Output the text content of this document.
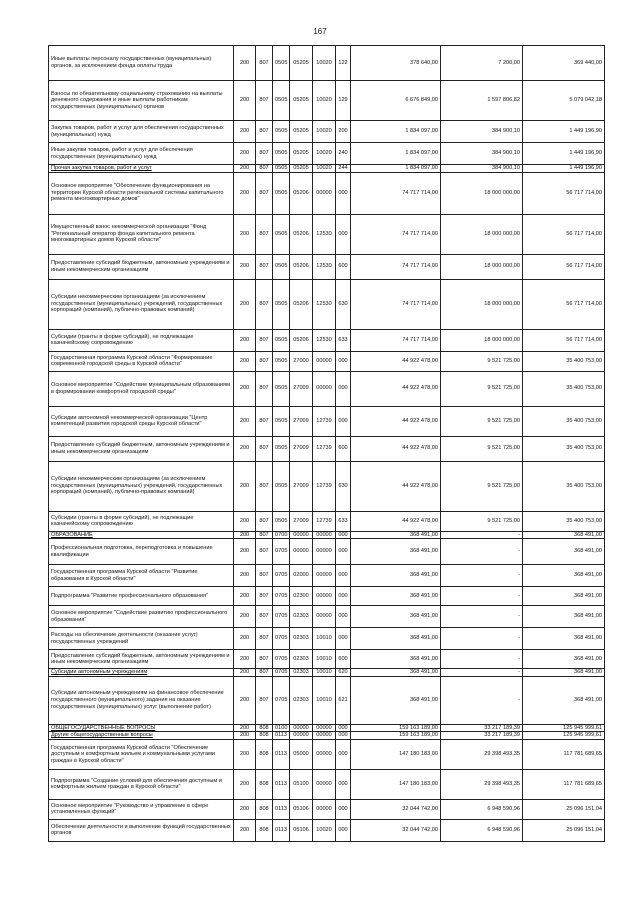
167
Иные выплаты персоналу государственных (муниципальных) органов, за исключением фонда оплаты труда	200	807	0505	05205	10020	122	378 640,00	7 200,00	369 440,00
Взносы по обязательному социальному страхованию на выплаты денежного содержания и иные выплаты работникам государственных (муниципальных) органов	200	807	0505	05205	10020	129	6 676 849,00	1 597 806,82	5 079 042,18
Закупка товаров, работ и услуг для обеспечения государственных (муниципальных) нужд	200	807	0505	05205	10020	200	1 834 097,00	384 900,10	1 449 196,90
Иные закупки товаров, работ и услуг для обеспечения государственных (муниципальных) нужд	200	807	0505	05205	10020	240	1 834 097,00	384 900,10	1 449 196,90
Прочая закупка товаров, работ и услуг	200	807	0505	05205	10020	244	1 834 097,00	384 900,10	1 449 196,90
Основное мероприятие "Обеспечение функционирования на территории Курской области региональной системы капитального ремонта многоквартирных домов"	200	807	0505	05206	00000	000	74 717 714,00	18 000 000,00	56 717 714,00
Имущественный взнос некоммерческой организации "Фонд "Региональный оператор фонда капитального ремонта многоквартирных домов Курской области"	200	807	0505	05206	12530	000	74 717 714,00	18 000 000,00	56 717 714,00
Предоставление субсидий бюджетным, автономным учреждениям и иным некоммерческим организациям	200	807	0505	05206	12530	600	74 717 714,00	18 000 000,00	56 717 714,00
Субсидии некоммерческим организациям (за исключением государственных (муниципальных) учреждений, государственных корпораций (компаний), публично-правовых компаний)	200	807	0505	05206	12530	630	74 717 714,00	18 000 000,00	56 717 714,00
Субсидии (гранты в форме субсидий), не подлежащие казначейскому сопровождению	200	807	0505	05206	12530	633	74 717 714,00	18 000 000,00	56 717 714,00
Государственная программа Курской области "Формирование современной городской среды в Курской области"	200	807	0505	27000	00000	000	44 922 478,00	9 521 725,00	35 400 753,00
Основное мероприятие "Содействие муниципальным образованиям в формировании комфортной городской среды"	200	807	0505	27009	00000	000	44 922 478,00	9 521 725,00	35 400 753,00
Субсидии автономной некоммерческой организации "Центр компетенций развития городской среды Курской области"	200	807	0505	27009	12739	000	44 922 478,00	9 521 725,00	35 400 753,00
Предоставление субсидий бюджетным, автономным учреждениям и иным некоммерческим организациям	200	807	0505	27009	12739	600	44 922 478,00	9 521 725,00	35 400 753,00
Субсидии некоммерческим организациям (за исключением государственных (муниципальных) учреждений, государственных корпораций (компаний), публично-правовых компаний)	200	807	0505	27009	12739	630	44 922 478,00	9 521 725,00	35 400 753,00
Субсидии (гранты в форме субсидий), не подлежащие казначейскому сопровождению	200	807	0505	27009	12739	633	44 922 478,00	9 521 725,00	35 400 753,00
ОБРАЗОВАНИЕ	200	807	0700	00000	00000	000	368 491,00	-	368 491,00
Профессиональная подготовка, переподготовка и повышение квалификации	200	807	0705	00000	00000	000	368 491,00	-	368 491,00
Государственная программа Курской области "Развитие образования в Курской области"	200	807	0705	02000	00000	000	368 491,00	-	368 491,00
Подпрограмма "Развитие профессионального образования"	200	807	0705	02300	00000	000	368 491,00	-	368 491,00
Основное мероприятие "Содействие развитию профессионального образования"	200	807	0705	02303	00000	000	368 491,00	-	368 491,00
Расходы на обеспечение деятельности (оказание услуг) государственных учреждений	200	807	0705	02303	10010	000	368 491,00	-	368 491,00
Предоставление субсидий бюджетным, автономным учреждениям и иным некоммерческим организациям	200	807	0705	02303	10010	600	368 491,00	-	368 491,00
Субсидии автономным учреждениям	200	807	0705	02303	10010	620	368 491,00	-	368 491,00
Субсидии автономным учреждениям на финансовое обеспечение государственного (муниципального) задания на оказание государственных (муниципальных) услуг (выполнение работ)	200	807	0705	02303	10010	621	368 491,00	-	368 491,00
ОБЩЕГОСУДАРСТВЕННЫЕ ВОПРОСЫ	200	808	0100	00000	00000	000	159 163 189,00	33 217 189,39	125 945 999,61
Другие общегосударственные вопросы	200	808	0113	00000	00000	000	159 163 189,00	33 217 189,39	125 945 999,61
Государственная программа Курской области "Обеспечение доступным и комфортным жильем и коммунальными услугами граждан в Курской области"	200	808	0113	05000	00000	000	147 180 183,00	29 398 493,35	117 781 689,65
Подпрограмма "Создание условий для обеспечения доступным и комфортным жильем граждан в Курской области"	200	808	0113	05100	00000	000	147 180 183,00	29 398 493,35	117 781 689,65
Основное мероприятие "Руководство и управление в сфере установленных функций"	200	808	0113	05106	00000	000	32 044 742,00	6 948 590,96	25 096 151,04
Обеспечение деятельности и выполнение функций государственных органов	200	808	0113	05106	10020	000	32 044 742,00	6 948 590,96	25 096 151,04
